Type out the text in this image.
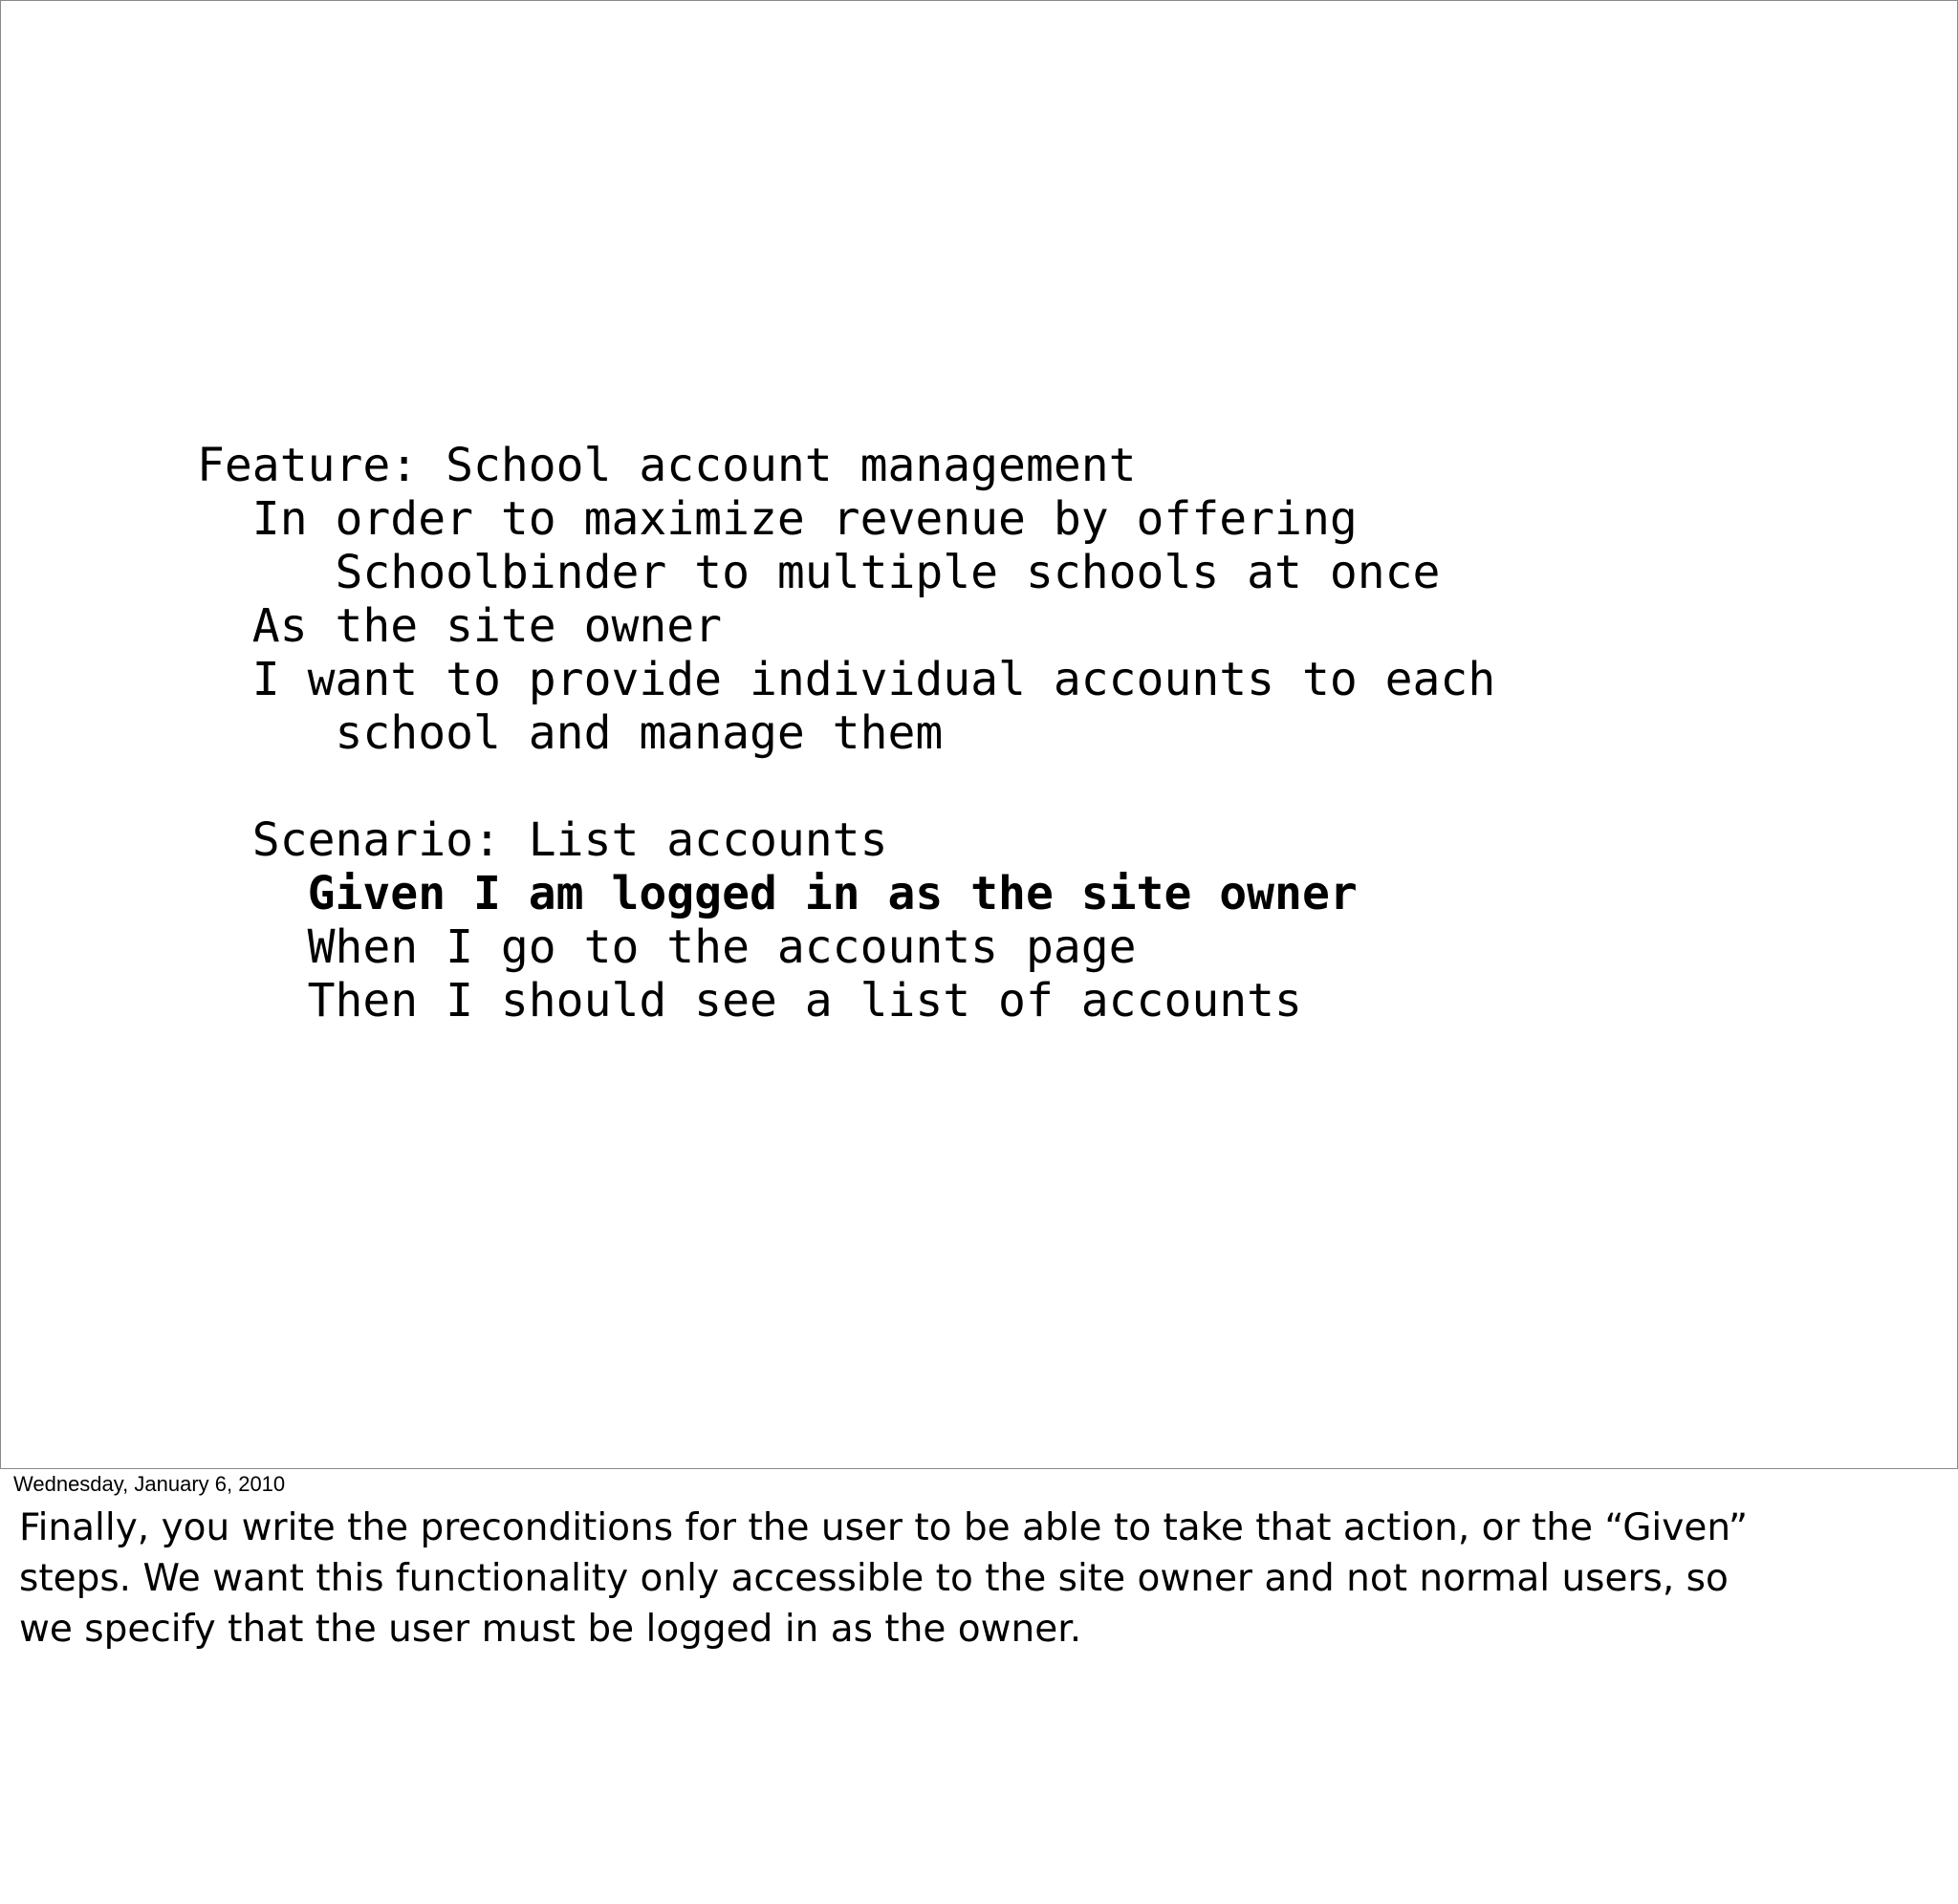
Feature: School account management
In order to maximize revenue by offering
Schoolbinder to multiple schools at once
As the site owner
I want to provide individual accounts to each
school and manage them
Scenario: List accounts
Given I am logged in as the site owner
When I go to the accounts page
Then I should see a list of accounts
Wednesday, January 6, 2010
Finally, you write the preconditions for the user to be able to take that action, or the “Given”
steps. We want this functionality only accessible to the site owner and not normal users, so
we specify that the user must be logged in as the owner.
